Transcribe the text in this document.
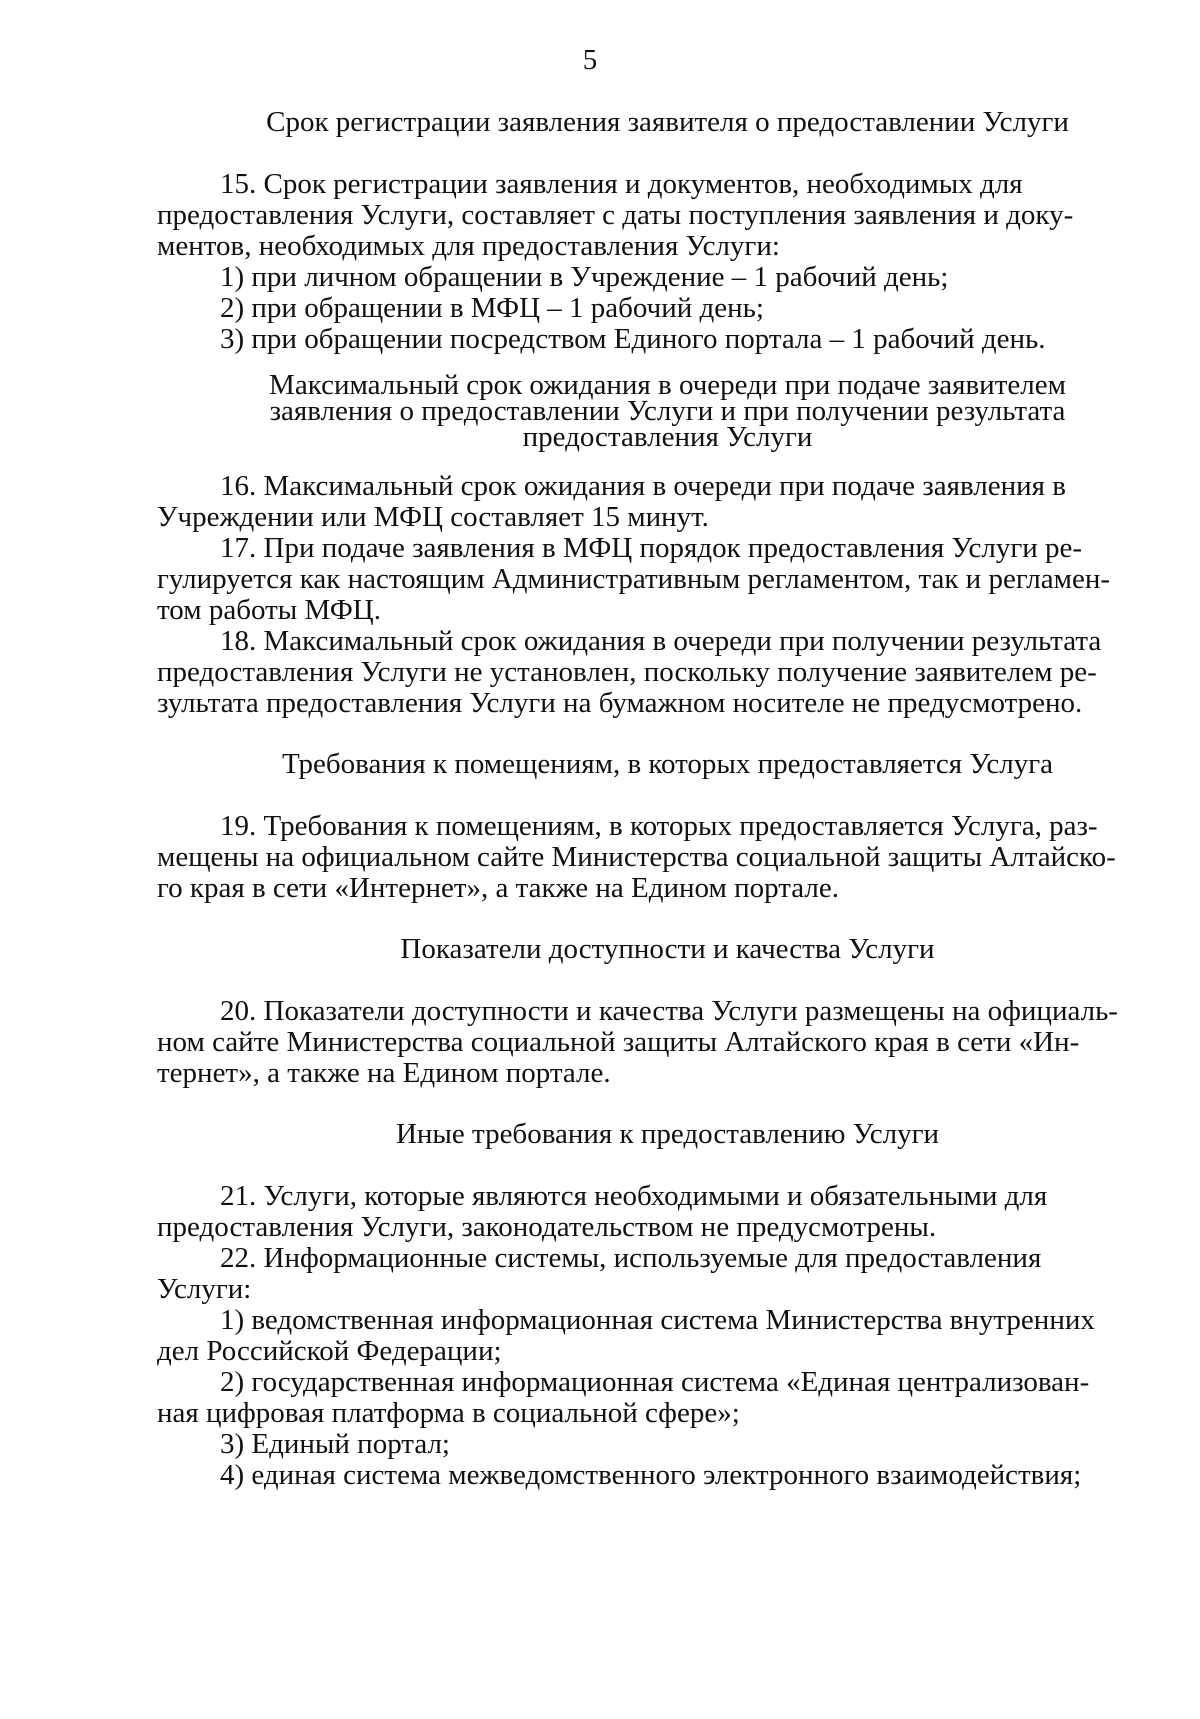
5
Срок регистрации заявления заявителя о предоставлении Услуги
15. Срок регистрации заявления и документов, необходимых для
предоставления Услуги, составляет с даты поступления заявления и доку-
ментов, необходимых для предоставления Услуги:
1) при личном обращении в Учреждение – 1 рабочий день;
2) при обращении в МФЦ – 1 рабочий день;
3) при обращении посредством Единого портала – 1 рабочий день.
Максимальный срок ожидания в очереди при подаче заявителем
заявления о предоставлении Услуги и при получении результата
предоставления Услуги
16. Максимальный срок ожидания в очереди при подаче заявления в
Учреждении или МФЦ составляет 15 минут.
17. При подаче заявления в МФЦ порядок предоставления Услуги ре-
гулируется как настоящим Административным регламентом, так и регламен-
том работы МФЦ.
18. Максимальный срок ожидания в очереди при получении результата
предоставления Услуги не установлен, поскольку получение заявителем ре-
зультата предоставления Услуги на бумажном носителе не предусмотрено.
Требования к помещениям, в которых предоставляется Услуга
19. Требования к помещениям, в которых предоставляется Услуга, раз-
мещены на официальном сайте Министерства социальной защиты Алтайско-
го края в сети «Интернет», а также на Едином портале.
Показатели доступности и качества Услуги
20. Показатели доступности и качества Услуги размещены на официаль-
ном сайте Министерства социальной защиты Алтайского края в сети «Ин-
тернет», а также на Едином портале.
Иные требования к предоставлению Услуги
21. Услуги, которые являются необходимыми и обязательными для
предоставления Услуги, законодательством не предусмотрены.
22. Информационные системы, используемые для предоставления
Услуги:
1) ведомственная информационная система Министерства внутренних
дел Российской Федерации;
2) государственная информационная система «Единая централизован-
ная цифровая платформа в социальной сфере»;
3) Единый портал;
4) единая система межведомственного электронного взаимодействия;
